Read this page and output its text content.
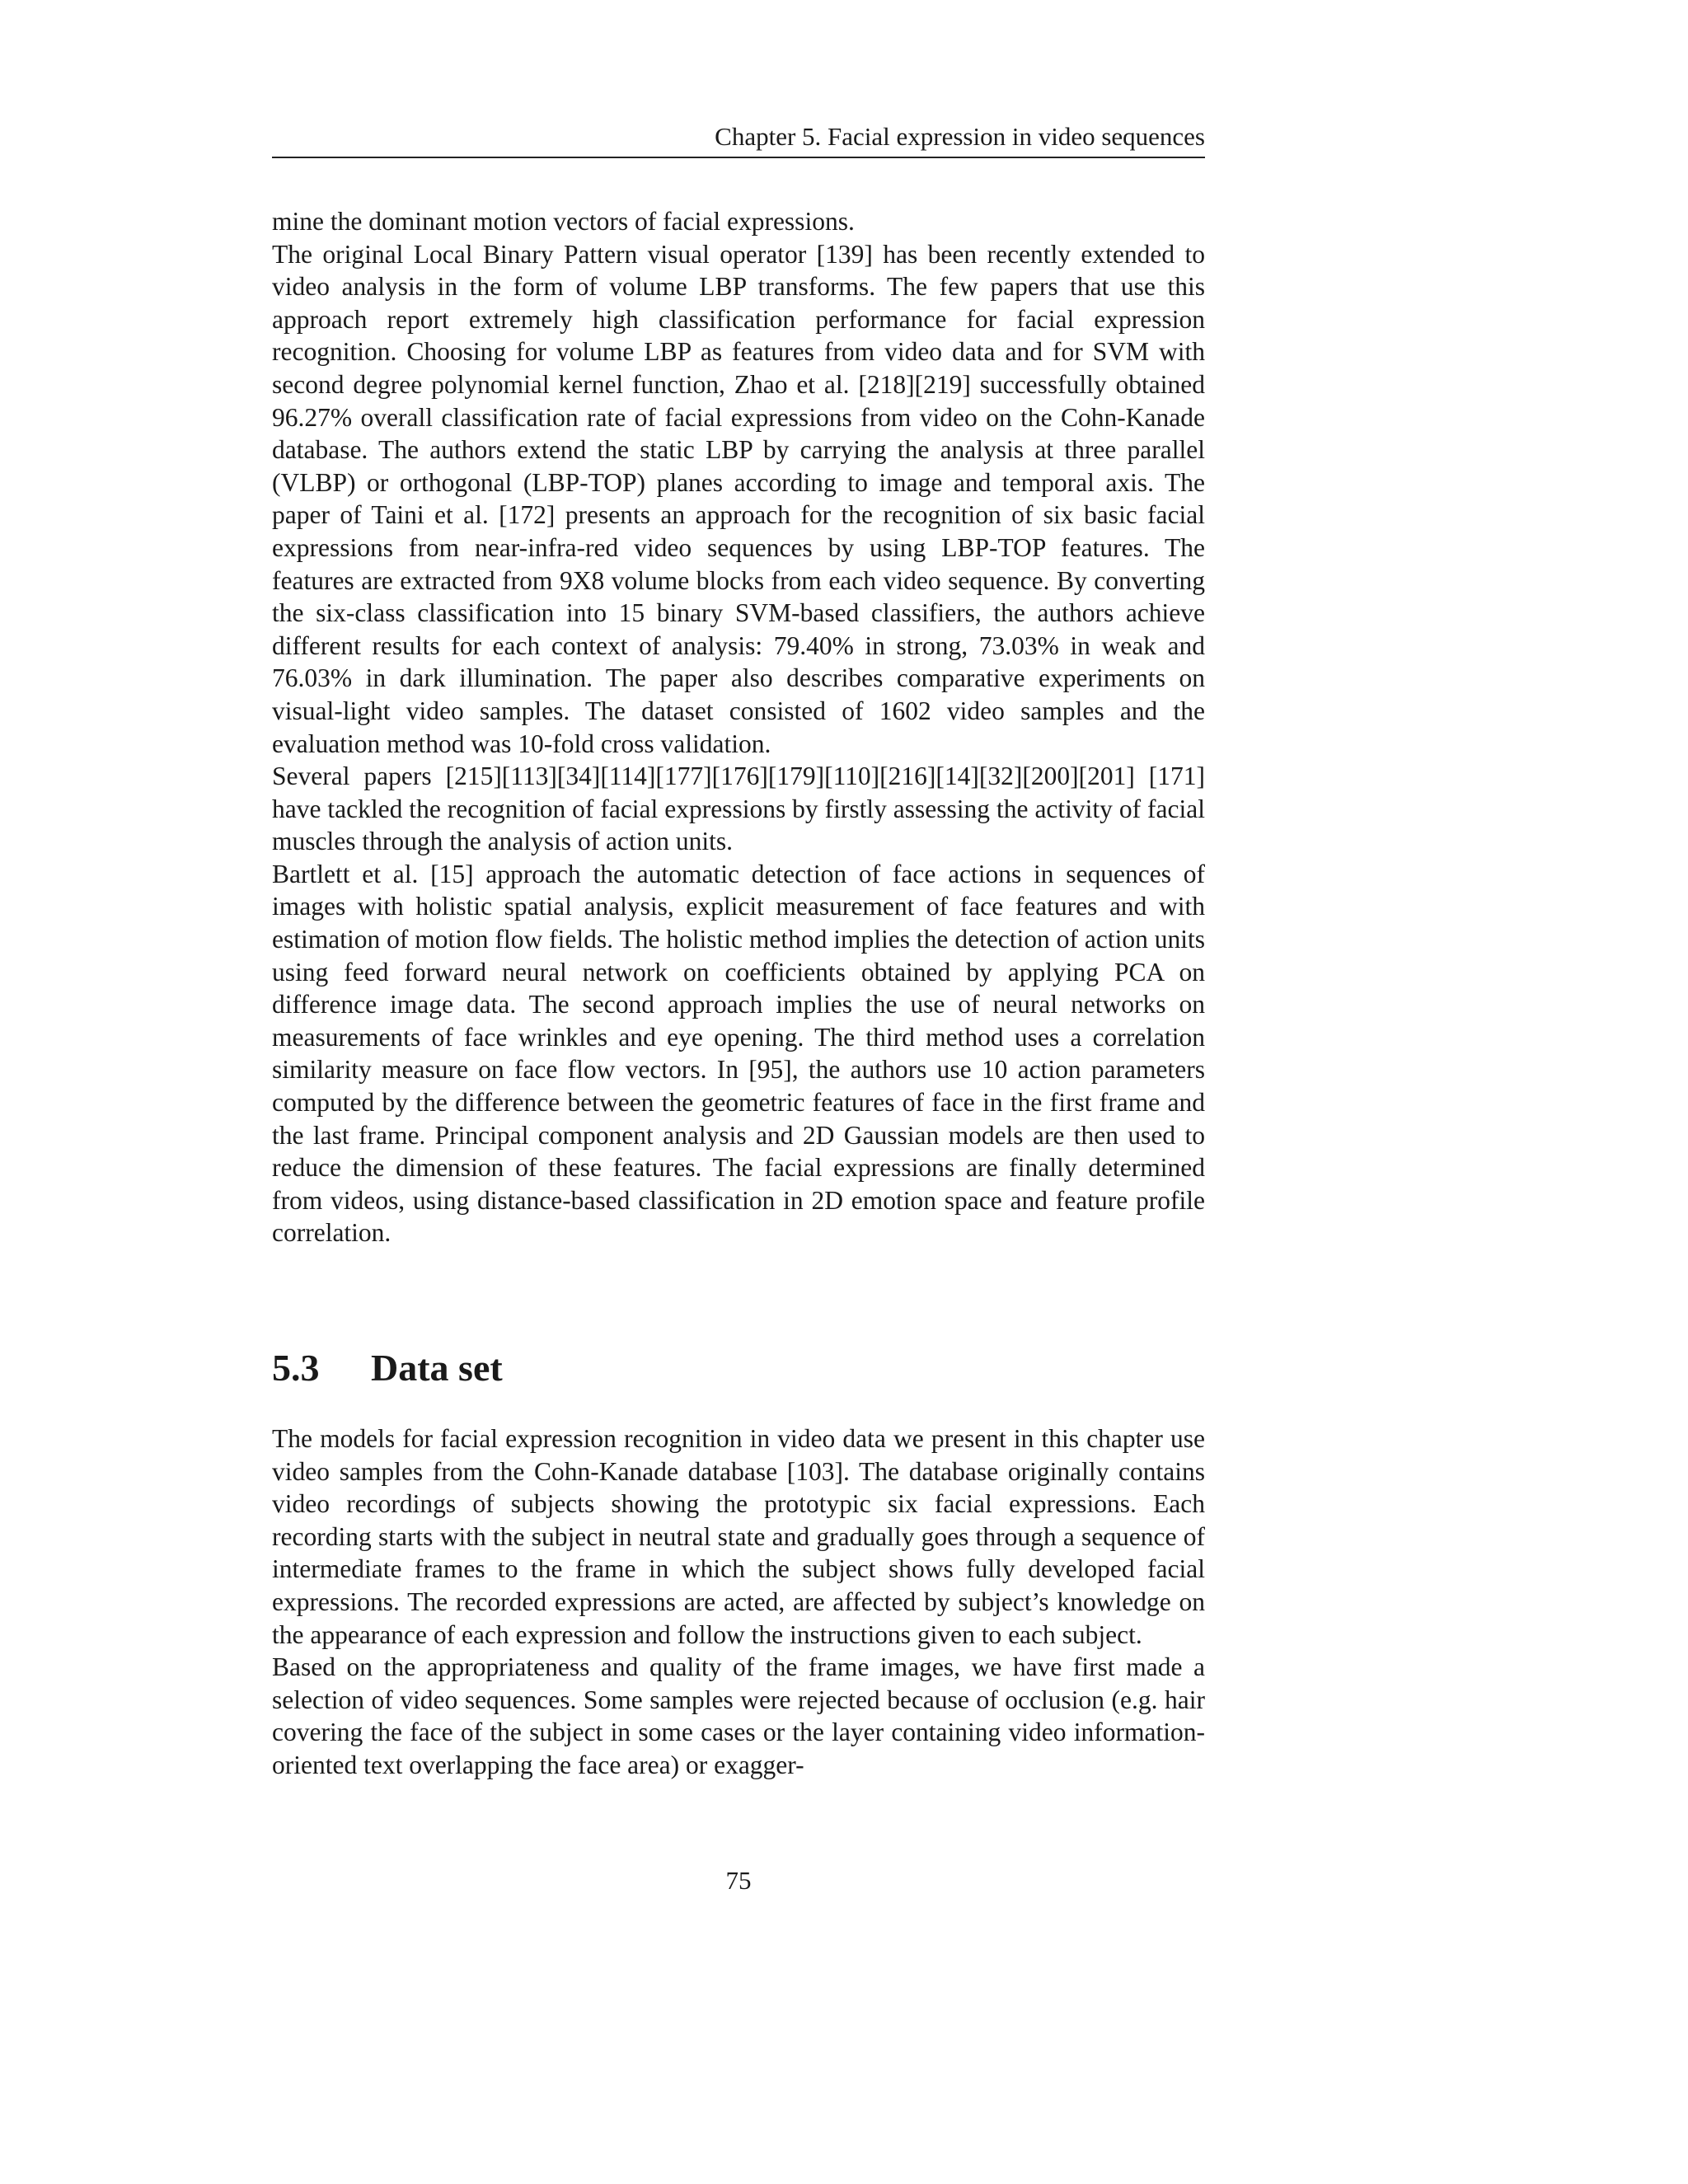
Chapter 5. Facial expression in video sequences

mine the dominant motion vectors of facial expressions.

The original Local Binary Pattern visual operator [139] has been recently extended to video analysis in the form of volume LBP transforms. The few papers that use this approach report extremely high classification performance for facial expression recognition. Choosing for volume LBP as features from video data and for SVM with second degree polynomial kernel function, Zhao et al. [218][219] successfully obtained 96.27% overall classification rate of facial expressions from video on the Cohn-Kanade database. The authors extend the static LBP by carrying the analysis at three parallel (VLBP) or orthogonal (LBP-TOP) planes according to image and temporal axis. The paper of Taini et al. [172] presents an approach for the recognition of six basic facial expressions from near-infra-red video sequences by using LBP-TOP features. The features are extracted from 9X8 volume blocks from each video sequence. By converting the six-class classification into 15 binary SVM-based classifiers, the authors achieve different results for each context of analysis: 79.40% in strong, 73.03% in weak and 76.03% in dark illumination. The paper also describes comparative experiments on visual-light video samples. The dataset consisted of 1602 video samples and the evaluation method was 10-fold cross validation.

Several papers [215][113][34][114][177][176][179][110][216][14][32][200][201] [171] have tackled the recognition of facial expressions by firstly assessing the activity of facial muscles through the analysis of action units.

Bartlett et al. [15] approach the automatic detection of face actions in sequences of images with holistic spatial analysis, explicit measurement of face features and with estimation of motion flow fields. The holistic method implies the detection of action units using feed forward neural network on coefficients obtained by applying PCA on difference image data. The second approach implies the use of neural networks on measurements of face wrinkles and eye opening. The third method uses a correlation similarity measure on face flow vectors. In [95], the authors use 10 action parameters computed by the difference between the geometric features of face in the first frame and the last frame. Principal component analysis and 2D Gaussian models are then used to reduce the dimension of these features. The facial expressions are finally determined from videos, using distance-based classification in 2D emotion space and feature profile correlation.

5.3	Data set

The models for facial expression recognition in video data we present in this chapter use video samples from the Cohn-Kanade database [103]. The database originally contains video recordings of subjects showing the prototypic six facial expressions. Each recording starts with the subject in neutral state and gradually goes through a sequence of intermediate frames to the frame in which the subject shows fully developed facial expressions. The recorded expressions are acted, are affected by subject’s knowledge on the appearance of each expression and follow the instructions given to each subject.

Based on the appropriateness and quality of the frame images, we have first made a selection of video sequences. Some samples were rejected because of occlusion (e.g. hair covering the face of the subject in some cases or the layer containing video information-oriented text overlapping the face area) or exagger-

75
